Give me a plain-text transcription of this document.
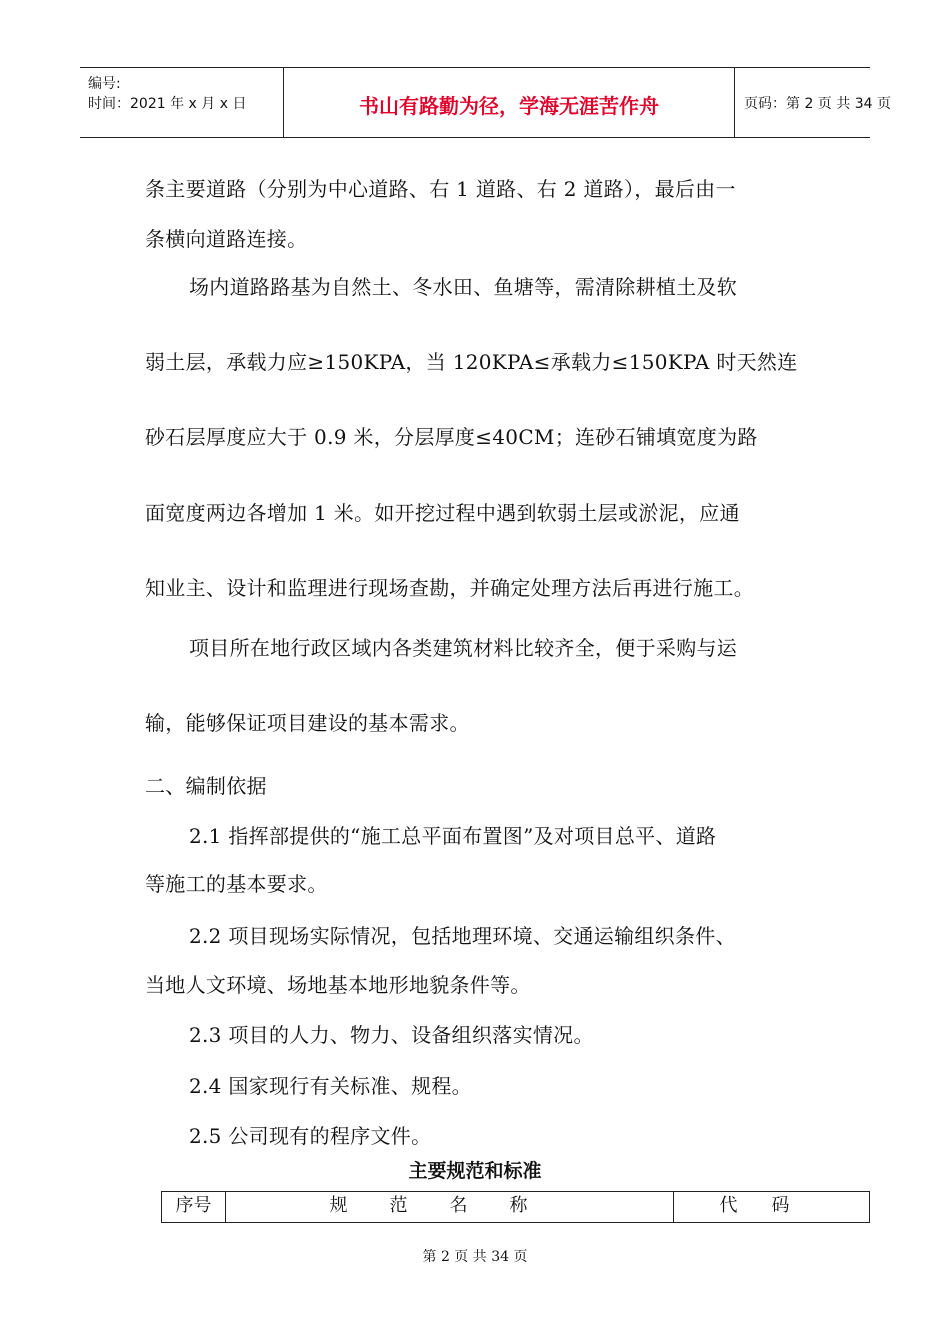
编号:
时间：2021 年 x 月 x 日	书山有路勤为径，学海无涯苦作舟	页码：第 2 页 共 34 页
条主要道路（分别为中心道路、右 1 道路、右 2 道路），最后由一
条横向道路连接。
场内道路路基为自然土、冬水田、鱼塘等，需清除耕植土及软
弱土层，承载力应≥150KPA，当 120KPA≤承载力≤150KPA 时天然连
砂石层厚度应大于 0.9 米，分层厚度≤40CM；连砂石铺填宽度为路
面宽度两边各增加 1 米。如开挖过程中遇到软弱土层或淤泥，应通
知业主、设计和监理进行现场查勘，并确定处理方法后再进行施工。
项目所在地行政区域内各类建筑材料比较齐全，便于采购与运
输，能够保证项目建设的基本需求。
二、编制依据
2.1 指挥部提供的“施工总平面布置图”及对项目总平、道路
等施工的基本要求。
2.2 项目现场实际情况，包括地理环境、交通运输组织条件、
当地人文环境、场地基本地形地貌条件等。
2.3 项目的人力、物力、设备组织落实情况。
2.4 国家现行有关标准、规程。
2.5 公司现有的程序文件。
主要规范和标准
序号	规范名称	代码
第 2 页 共 34 页
